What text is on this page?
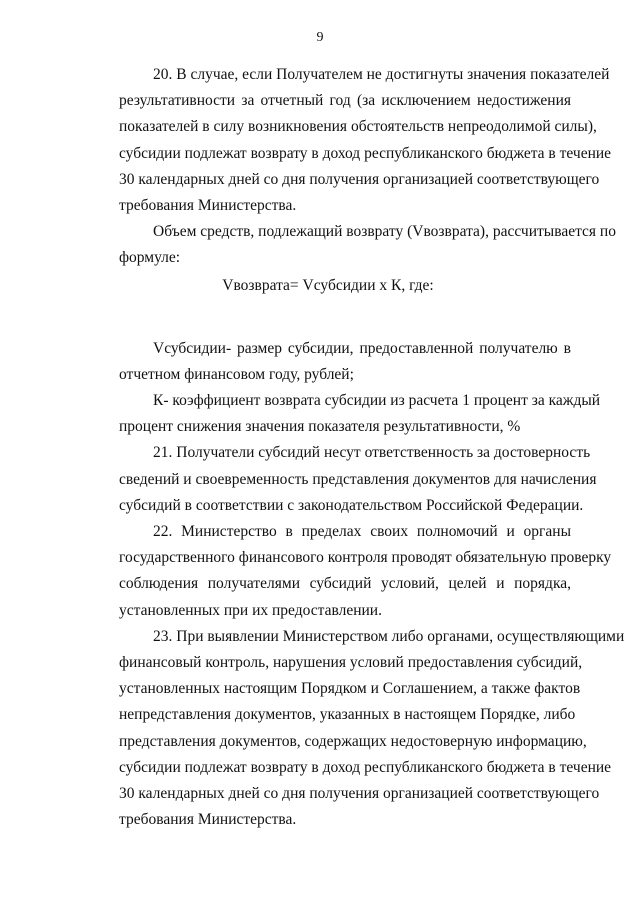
9
20. В случае, если Получателем не достигнуты значения показателей
результативности за отчетный год (за исключением недостижения
показателей в силу возникновения обстоятельств непреодолимой силы),
субсидии подлежат возврату в доход республиканского бюджета в течение
30 календарных дней со дня получения организацией соответствующего
требования Министерства.
Объем средств, подлежащий возврату (Vвозврата), рассчитывается по
формуле:
Vвозврата= Vсубсидии х К, где:
Vсубсидии- размер субсидии, предоставленной получателю в
отчетном финансовом году, рублей;
К- коэффициент возврата субсидии из расчета 1 процент за каждый
процент снижения значения показателя результативности, %
21. Получатели субсидий несут ответственность за достоверность
сведений и своевременность представления документов для начисления
субсидий в соответствии с законодательством Российской Федерации.
22. Министерство в пределах своих полномочий и органы
государственного финансового контроля проводят обязательную проверку
соблюдения получателями субсидий условий, целей и порядка,
установленных при их предоставлении.
23. При выявлении Министерством либо органами, осуществляющими
финансовый контроль, нарушения условий предоставления субсидий,
установленных настоящим Порядком и Соглашением, а также фактов
непредставления документов, указанных в настоящем Порядке, либо
представления документов, содержащих недостоверную информацию,
субсидии подлежат возврату в доход республиканского бюджета в течение
30 календарных дней со дня получения организацией соответствующего
требования Министерства.
